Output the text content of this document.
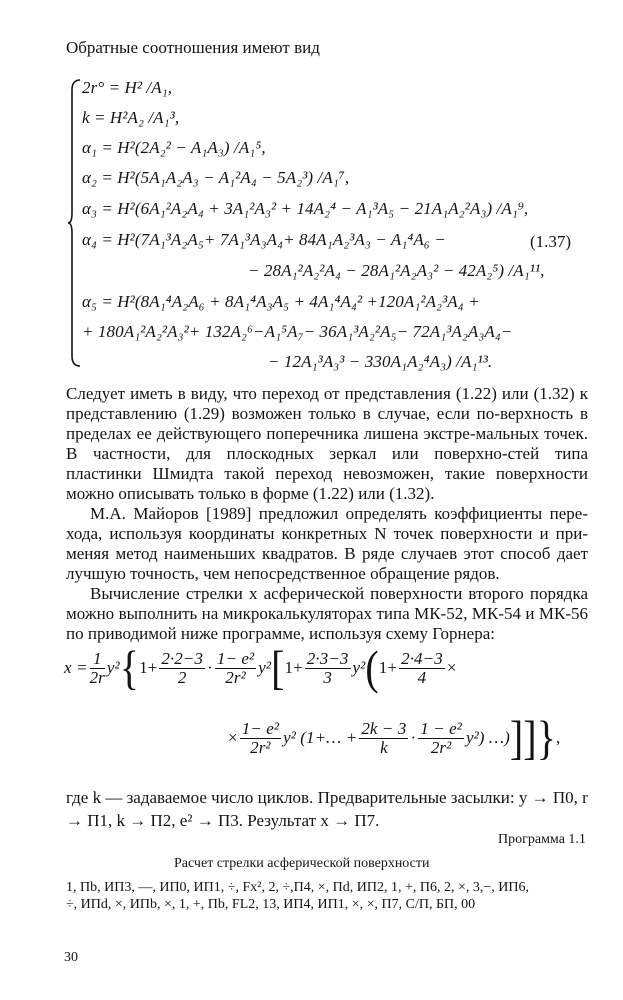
Обратные соотношения имеют вид
2r° = H² /A₁,
k = H²A₂ /A₁³,
α₁ = H²(2A₂² − A₁A₃) /A₁⁵,
α₂ = H²(5A₁A₂A₃ − A₁²A₄ − 5A₂³) /A₁⁷,
α₃ = H²(6A₁²A₂A₄ + 3A₁²A₃² + 14A₂⁴ − A₁³A₅ − 21A₁A₂²A₃) /A₁⁹,
α₄ = H²(7A₁³A₂A₅+ 7A₁³A₃A₄+ 84A₁A₂³A₃ − A₁⁴A₆ −	(1.37)
− 28A₁²A₂²A₄ − 28A₁²A₂A₃² − 42A₂⁵) /A₁¹¹,
α₅ = H²(8A₁⁴A₂A₆ + 8A₁⁴A₃A₅ + 4A₁⁴A₄² +120A₁²A₂³A₄ +
+ 180A₁²A₂²A₃²+ 132A₂⁶−A₁⁵A₇− 36A₁³A₂²A₅− 72A₁³A₂A₃A₄−
− 12A₁³A₃³ − 330A₁A₂⁴A₃) /A₁¹³.
Следует иметь в виду, что переход от представления (1.22) или (1.32) к представлению (1.29) возможен только в случае, если по-верхность в пределах ее действующего поперечника лишена экстре-мальных точек. В частности, для плоскодных зеркал или поверхно-стей типа пластинки Шмидта такой переход невозможен, такие поверхности можно описывать только в форме (1.22) или (1.32).
М.А. Майоров [1989] предложил определять коэффициенты пере-хода, используя координаты конкретных N точек поверхности и при-меняя метод наименьших квадратов. В ряде случаев этот способ дает лучшую точность, чем непосредственное обращение рядов.
Вычисление стрелки x асферической поверхности второго порядка можно выполнить на микрокалькуляторах типа МК-52, МК-54 и МК-56 по приводимой ниже программе, используя схему Горнера:
$x = \frac{1}{2r} y^2$ { $1+ \frac{2\cdot 2-3}{2} \cdot \frac{\text{1− e²}}{\text{2r²}} y^2$ [ $1+ \frac{2\cdot 3-3}{3} y^2$ ( $1+ \frac{2\cdot 4-3}{4}$ ×
× $\frac{\text{1− e²}}{\text{2r²}} y^2$ (1+… + $\frac{2k - 3}{k} \cdot \frac{\text{1 − e²}}{\text{2r²}} y^2$) …) ]]} ,
где k — задаваемое число циклов. Предварительные засылки: y → П0, r → П1, k → П2, e² → П3. Результат x → П7.
Программа 1.1
Расчет стрелки асферической поверхности
1, Пb, ИП3, —, ИП0, ИП1, ÷, Fx², 2, ÷,П4, ×, Пd, ИП2, 1, +, П6, 2, ×, 3,−, ИП6,
÷, ИПd, ×, ИПb, ×, 1, +, Пb, FL2, 13, ИП4, ИП1, ×, ×, П7, С/П, БП, 00
30
